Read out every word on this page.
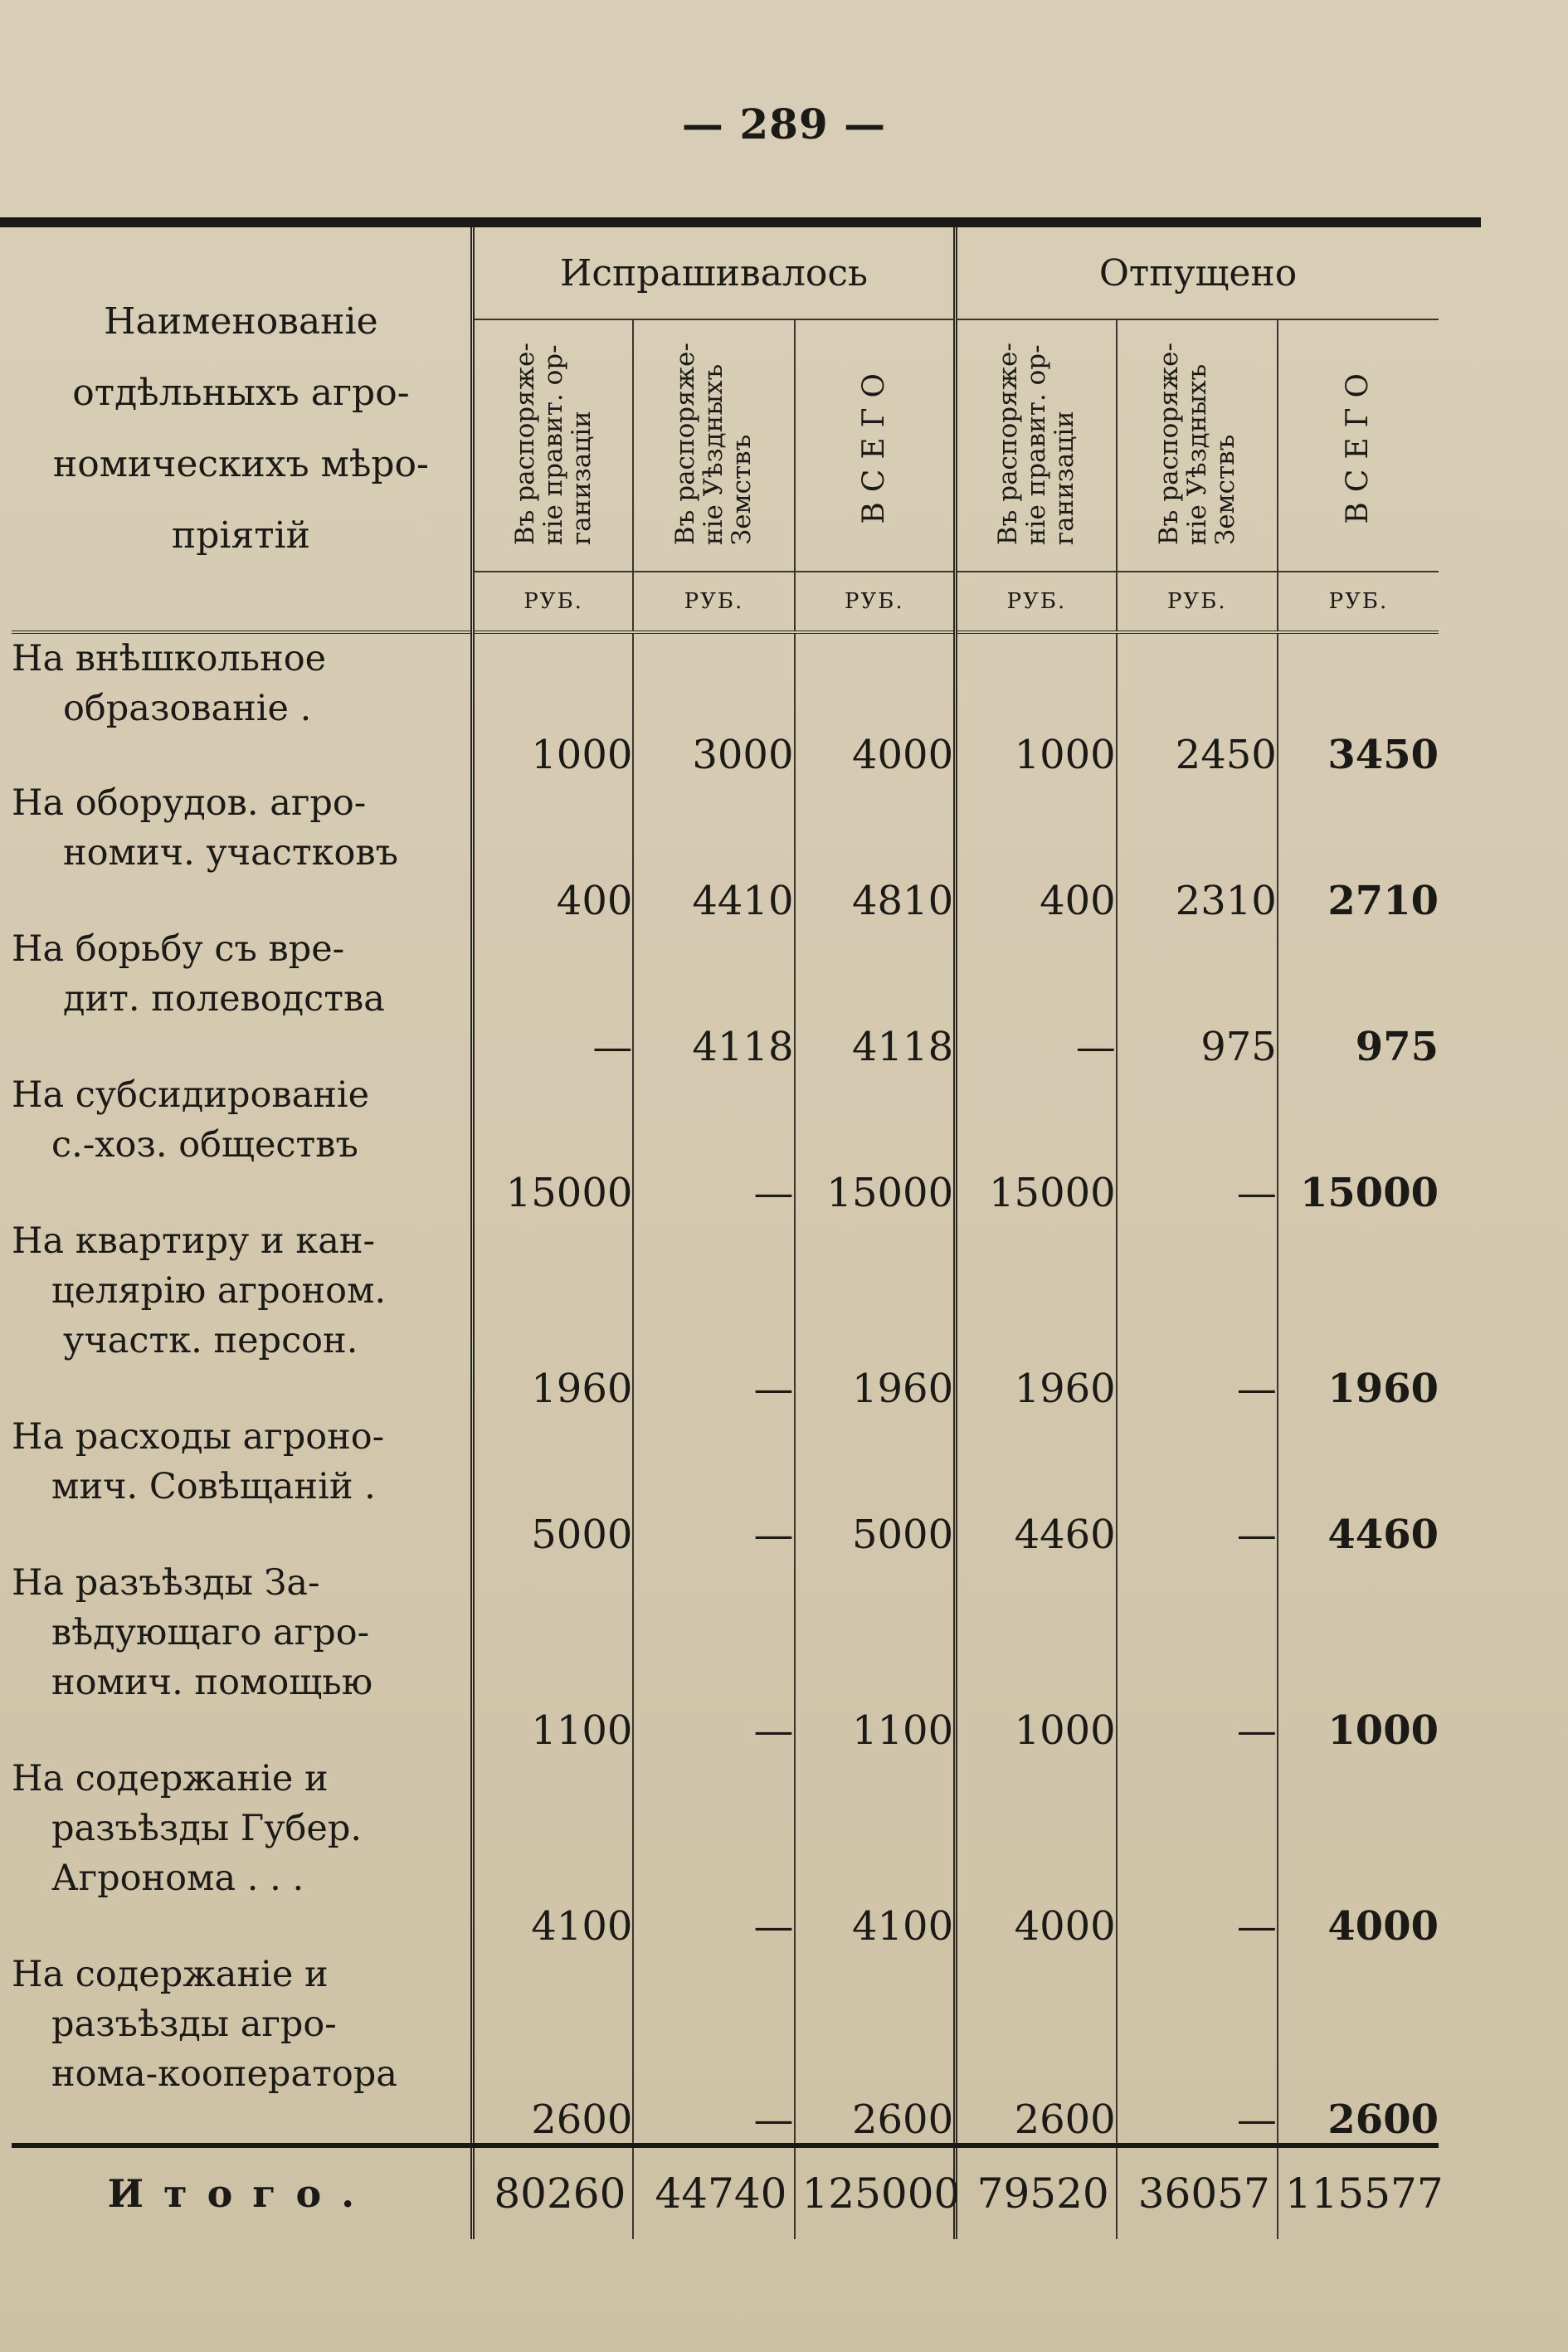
— 289 —
Наименованіе
отдѣльныхъ агро-
номическихъ мѣро-
пріятій	Испрашивалось			Отпущено		
	Въ распоряже-
ніе правит. ор-
ганизаціи	Въ распоряже-
ніе Уѣздныхъ
Земствъ	ВСЕГО	Въ распоряже-
ніе правит. ор-
ганизаціи	Въ распоряже-
ніе Уѣздныхъ
Земствъ	ВСЕГО
	РУБ.	РУБ.	РУБ.	РУБ.	РУБ.	РУБ.

На внѣшкольное
образованіе .	1000	3000	4000	1000	2450	3450

На оборудов. агро-
номич. участковъ	400	4410	4810	400	2310	2710

На борьбу съ вре-
дит. полеводства	—	4118	4118	—	975	975

На субсидированіе
с.-хоз. обществъ	15000	—	15000	15000	—	15000

На квартиру и кан-
целярію агроном.
участк. персон.	1960	—	1960	1960	—	1960

На расходы агроно-
мич. Совѣщаній .	5000	—	5000	4460	—	4460

На разъѣзды За-
вѣдующаго агро-
номич. помощью	1100	—	1100	1000	—	1000

На содержаніе и
разъѣзды Губер.
Агронома . . .	4100	—	4100	4000	—	4000

На содержаніе и
разъѣзды агро-
нома-кооператора	2600	—	2600	2600	—	2600
Итого.	80260	44740	125000	79520	36057	115577
